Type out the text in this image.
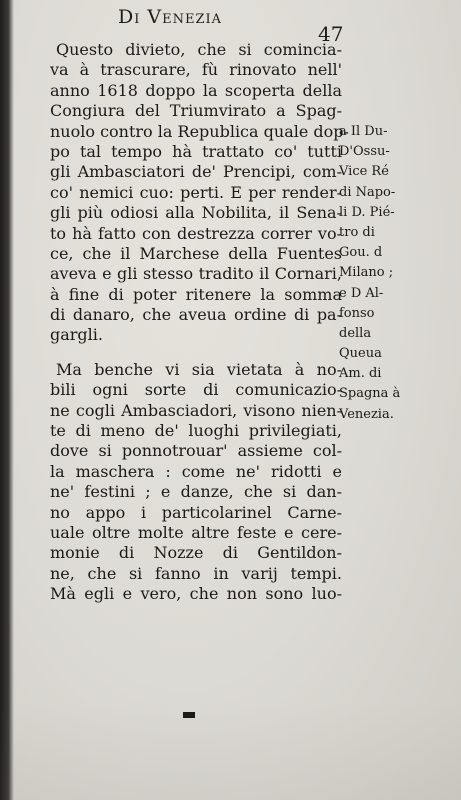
Di Venezia
47
Questo divieto, che si comincia-
va à trascurare, fù rinovato nell'
anno 1618 doppo la scoperta della
Congiura del Triumvirato a Spag-
nuolo contro la Republica quale dop-
po tal tempo hà trattato co' tutti
gli Ambasciatori de' Prencipi, com-
co' nemici cuo: perti. E per render-
gli più odiosi alla Nobilita, il Sena-
to hà fatto con destrezza correr vo-
ce, che il Marchese della Fuentes
aveva e gli stesso tradito il Cornari,
à fine di poter ritenere la somma
di danaro, che aveua ordine di pa-
gargli.
Ma benche vi sia vietata à no-
bili ogni sorte di comunicazio-
ne cogli Ambasciadori, visono nien-
te di meno de' luoghi privilegiati,
dove si ponnotrouar' assieme col-
la maschera : come ne' ridotti e
ne' festini ; e danze, che si dan-
no appo i particolarinel Carne-
uale oltre molte altre feste e cere-
monie di Nozze di Gentildon-
ne, che si fanno in varij tempi.
Mà egli e vero, che non sono luo-
a Il Du-
D'Ossu-
Vice Ré
di Napo-
li D. Pié-
tro di
Gou. d
Milano ;
e D Al-
fonso
della
Queua
Am. di
Spagna à
Venezia.
